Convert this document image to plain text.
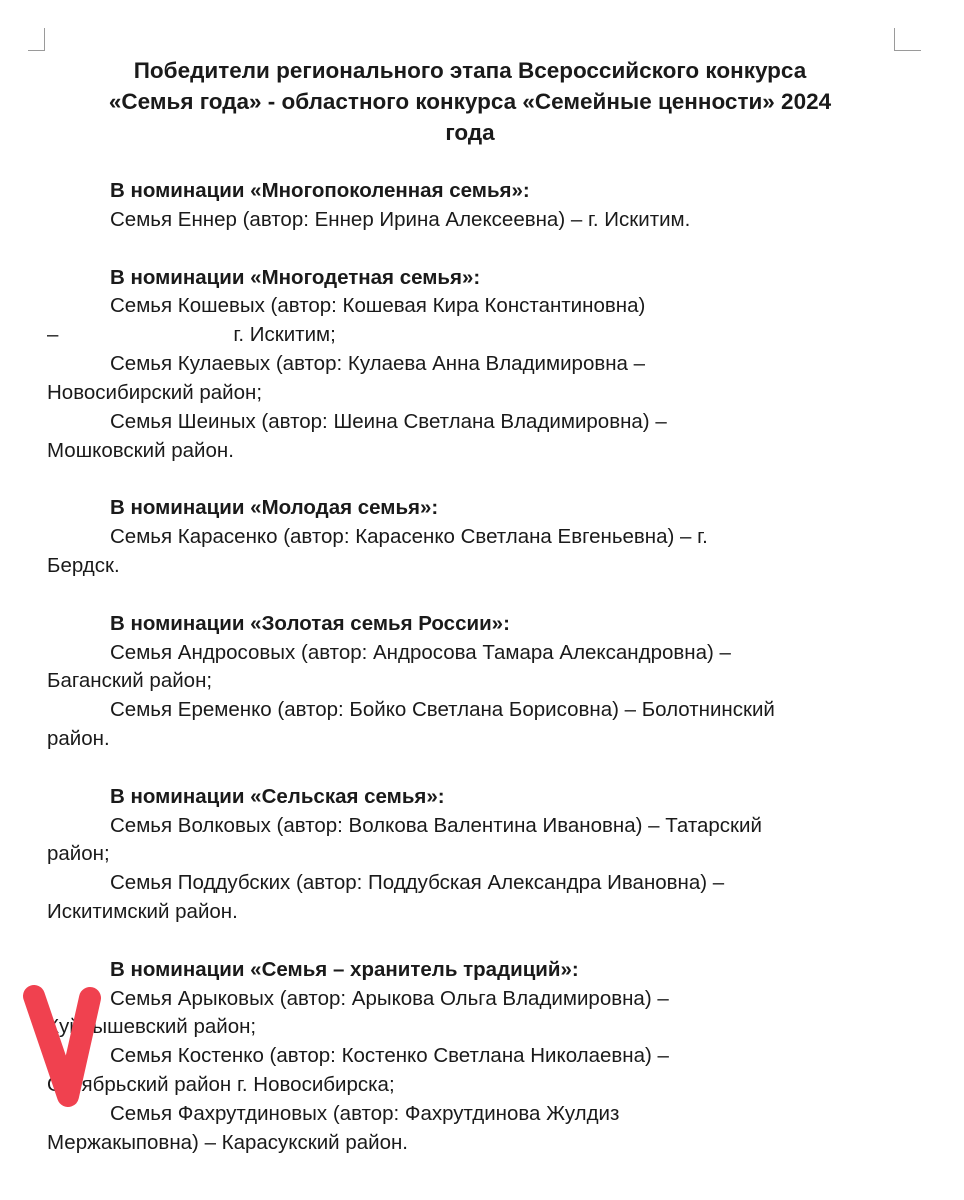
Победители регионального этапа Всероссийского конкурса
«Семья года» - областного конкурса «Семейные ценности» 2024
года
В номинации «Многопоколенная семья»:
Семья Еннер (автор: Еннер Ирина Алексеевна) – г. Искитим.
В номинации «Многодетная семья»:
Семья Кошевых (автор: Кошевая Кира Константиновна)
–	г. Искитим;
Семья Кулаевых (автор: Кулаева Анна Владимировна –
Новосибирский район;
Семья Шеиных (автор: Шеина Светлана Владимировна) –
Мошковский район.
В номинации «Молодая семья»:
Семья Карасенко (автор: Карасенко Светлана Евгеньевна) – г.
Бердск.
В номинации «Золотая семья России»:
Семья Андросовых (автор: Андросова Тамара Александровна) –
Баганский район;
Семья Еременко (автор: Бойко Светлана Борисовна) – Болотнинский
район.
В номинации «Сельская семья»:
Семья Волковых (автор: Волкова Валентина Ивановна) – Татарский
район;
Семья Поддубских (автор: Поддубская Александра Ивановна) –
Искитимский район.
В номинации «Семья – хранитель традиций»:
Семья Арыковых (автор: Арыкова Ольга Владимировна) –
Куйбышевский район;
Семья Костенко (автор: Костенко Светлана Николаевна) –
Октябрьский район г. Новосибирска;
Семья Фахрутдиновых (автор: Фахрутдинова Жулдиз
Мержакыповна) – Карасукский район.
